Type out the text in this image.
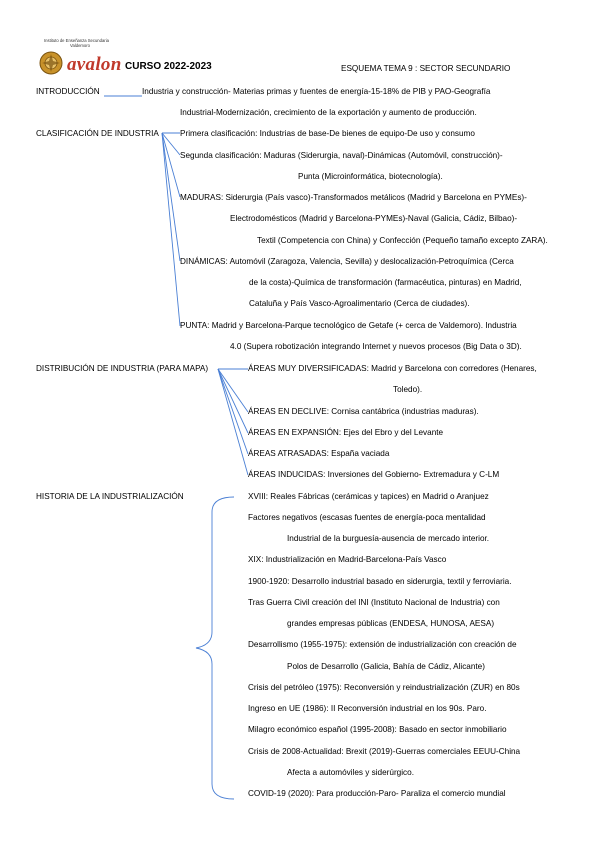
Instituto de Enseñanza Secundaria
Valdemoro
avalon CURSO 2022-2023	ESQUEMA TEMA 9 : SECTOR SECUNDARIO
INTRODUCCIÓN	Industria y construcción- Materias primas y fuentes de energía-15-18% de PIB y PAO-Geografía
Industrial-Modernización, crecimiento de la exportación y aumento de producción.
CLASIFICACIÓN DE INDUSTRIA	Primera clasificación: Industrias de base-De bienes de equipo-De uso y consumo
Segunda clasificación: Maduras (Siderurgia, naval)-Dinámicas (Automóvil, construcción)-
Punta (Microinformática, biotecnología).
MADURAS: Siderurgia (País vasco)-Transformados metálicos (Madrid y Barcelona en PYMEs)-
Electrodomésticos (Madrid y Barcelona-PYMEs)-Naval (Galicia, Cádiz, Bilbao)-
Textil (Competencia con China) y Confección (Pequeño tamaño excepto ZARA).
DINÁMICAS: Automóvil (Zaragoza, Valencia, Sevilla) y deslocalización-Petroquímica (Cerca
de la costa)-Química de transformación (farmacéutica, pinturas) en Madrid,
Cataluña y País Vasco-Agroalimentario (Cerca de ciudades).
PUNTA: Madrid y Barcelona-Parque tecnológico de Getafe (+ cerca de Valdemoro). Industria
4.0 (Supera robotización integrando Internet y nuevos procesos (Big Data o 3D).
DISTRIBUCIÓN DE INDUSTRIA (PARA MAPA)	ÁREAS MUY DIVERSIFICADAS: Madrid y Barcelona con corredores (Henares,
Toledo).
ÁREAS EN DECLIVE: Cornisa cantábrica (industrias maduras).
ÁREAS EN EXPANSIÓN: Ejes del Ebro y del Levante
ÁREAS ATRASADAS: España vaciada
ÁREAS INDUCIDAS: Inversiones del Gobierno- Extremadura y C-LM
HISTORIA DE LA INDUSTRIALIZACIÓN	XVIII: Reales Fábricas (cerámicas y tapices) en Madrid o Aranjuez
Factores negativos (escasas fuentes de energía-poca mentalidad
Industrial de la burguesía-ausencia de mercado interior.
XIX: Industrialización en Madrid-Barcelona-País Vasco
1900-1920: Desarrollo industrial basado en siderurgia, textil y ferroviaria.
Tras Guerra Civil creación del INI (Instituto Nacional de Industria) con
grandes empresas públicas (ENDESA, HUNOSA, AESA)
Desarrollismo (1955-1975): extensión de industrialización con creación de
Polos de Desarrollo (Galicia, Bahía de Cádiz, Alicante)
Crisis del petróleo (1975): Reconversión y reindustrialización (ZUR) en 80s
Ingreso en UE (1986): II Reconversión industrial en los 90s. Paro.
Milagro económico español (1995-2008): Basado en sector inmobiliario
Crisis de 2008-Actualidad: Brexit (2019)-Guerras comerciales EEUU-China
Afecta a automóviles y siderúrgico.
COVID-19 (2020): Para producción-Paro- Paraliza el comercio mundial
